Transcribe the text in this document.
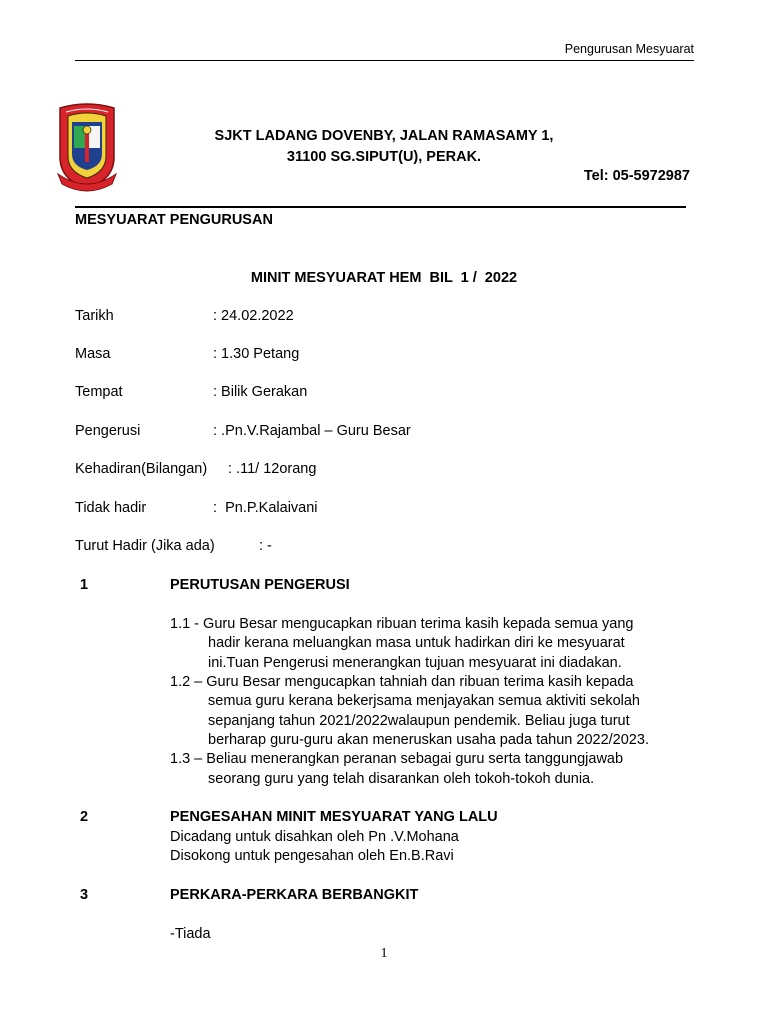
Pengurusan Mesyuarat
SJKT LADANG DOVENBY, JALAN RAMASAMY 1,
31100 SG.SIPUT(U), PERAK.
Tel: 05-5972987
MESYUARAT PENGURUSAN
MINIT MESYUARAT HEM  BIL  1 /  2022
Tarikh	: 24.02.2022
Masa	: 1.30 Petang
Tempat	: Bilik Gerakan
Pengerusi	: .Pn.V.Rajambal – Guru Besar
Kehadiran(Bilangan) : .11/ 12orang
Tidak hadir	:  Pn.P.Kalaivani
Turut Hadir (Jika ada)	: -
1	PERUTUSAN PENGERUSI
1.1 - Guru Besar mengucapkan ribuan terima kasih kepada semua yang
hadir kerana meluangkan masa untuk hadirkan diri ke mesyuarat
ini.Tuan Pengerusi menerangkan tujuan mesyuarat ini diadakan.
1.2 – Guru Besar mengucapkan tahniah dan ribuan terima kasih kepada
semua guru kerana bekerjsama menjayakan semua aktiviti sekolah
sepanjang tahun 2021/2022walaupun pendemik. Beliau juga turut
berharap guru-guru akan meneruskan usaha pada tahun 2022/2023.
1.3 – Beliau menerangkan peranan sebagai guru serta tanggungjawab
seorang guru yang telah disarankan oleh tokoh-tokoh dunia.
2	PENGESAHAN MINIT MESYUARAT YANG LALU
Dicadang untuk disahkan oleh Pn .V.Mohana
Disokong untuk pengesahan oleh En.B.Ravi
3	PERKARA-PERKARA BERBANGKIT
-Tiada
1
